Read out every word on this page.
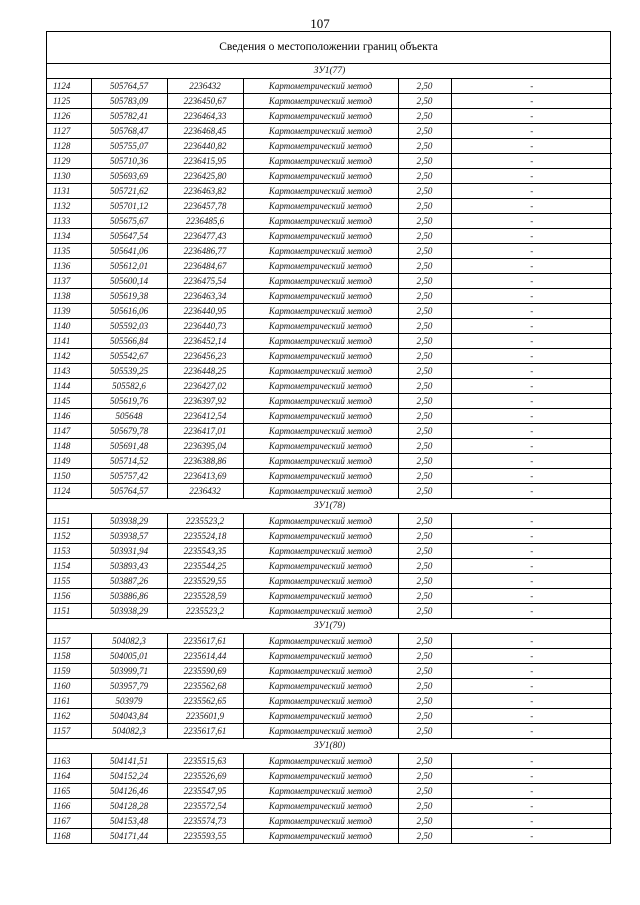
107
Сведения о местоположении границ объекта
ЗУ1(77)					
1124	505764,57	2236432	Картометрический метод	2,50	-
1125	505783,09	2236450,67	Картометрический метод	2,50	-
1126	505782,41	2236464,33	Картометрический метод	2,50	-
1127	505768,47	2236468,45	Картометрический метод	2,50	-
1128	505755,07	2236440,82	Картометрический метод	2,50	-
1129	505710,36	2236415,95	Картометрический метод	2,50	-
1130	505693,69	2236425,80	Картометрический метод	2,50	-
1131	505721,62	2236463,82	Картометрический метод	2,50	-
1132	505701,12	2236457,78	Картометрический метод	2,50	-
1133	505675,67	2236485,6	Картометрический метод	2,50	-
1134	505647,54	2236477,43	Картометрический метод	2,50	-
1135	505641,06	2236486,77	Картометрический метод	2,50	-
1136	505612,01	2236484,67	Картометрический метод	2,50	-
1137	505600,14	2236475,54	Картометрический метод	2,50	-
1138	505619,38	2236463,34	Картометрический метод	2,50	-
1139	505616,06	2236440,95	Картометрический метод	2,50	-
1140	505592,03	2236440,73	Картометрический метод	2,50	-
1141	505566,84	2236452,14	Картометрический метод	2,50	-
1142	505542,67	2236456,23	Картометрический метод	2,50	-
1143	505539,25	2236448,25	Картометрический метод	2,50	-
1144	505582,6	2236427,02	Картометрический метод	2,50	-
1145	505619,76	2236397,92	Картометрический метод	2,50	-
1146	505648	2236412,54	Картометрический метод	2,50	-
1147	505679,78	2236417,01	Картометрический метод	2,50	-
1148	505691,48	2236395,04	Картометрический метод	2,50	-
1149	505714,52	2236388,86	Картометрический метод	2,50	-
1150	505757,42	2236413,69	Картометрический метод	2,50	-
1124	505764,57	2236432	Картометрический метод	2,50	-
ЗУ1(78)					
1151	503938,29	2235523,2	Картометрический метод	2,50	-
1152	503938,57	2235524,18	Картометрический метод	2,50	-
1153	503931,94	2235543,35	Картометрический метод	2,50	-
1154	503893,43	2235544,25	Картометрический метод	2,50	-
1155	503887,26	2235529,55	Картометрический метод	2,50	-
1156	503886,86	2235528,59	Картометрический метод	2,50	-
1151	503938,29	2235523,2	Картометрический метод	2,50	-
ЗУ1(79)					
1157	504082,3	2235617,61	Картометрический метод	2,50	-
1158	504005,01	2235614,44	Картометрический метод	2,50	-
1159	503999,71	2235590,69	Картометрический метод	2,50	-
1160	503957,79	2235562,68	Картометрический метод	2,50	-
1161	503979	2235562,65	Картометрический метод	2,50	-
1162	504043,84	2235601,9	Картометрический метод	2,50	-
1157	504082,3	2235617,61	Картометрический метод	2,50	-
ЗУ1(80)					
1163	504141,51	2235515,63	Картометрический метод	2,50	-
1164	504152,24	2235526,69	Картометрический метод	2,50	-
1165	504126,46	2235547,95	Картометрический метод	2,50	-
1166	504128,28	2235572,54	Картометрический метод	2,50	-
1167	504153,48	2235574,73	Картометрический метод	2,50	-
1168	504171,44	2235593,55	Картометрический метод	2,50	-
